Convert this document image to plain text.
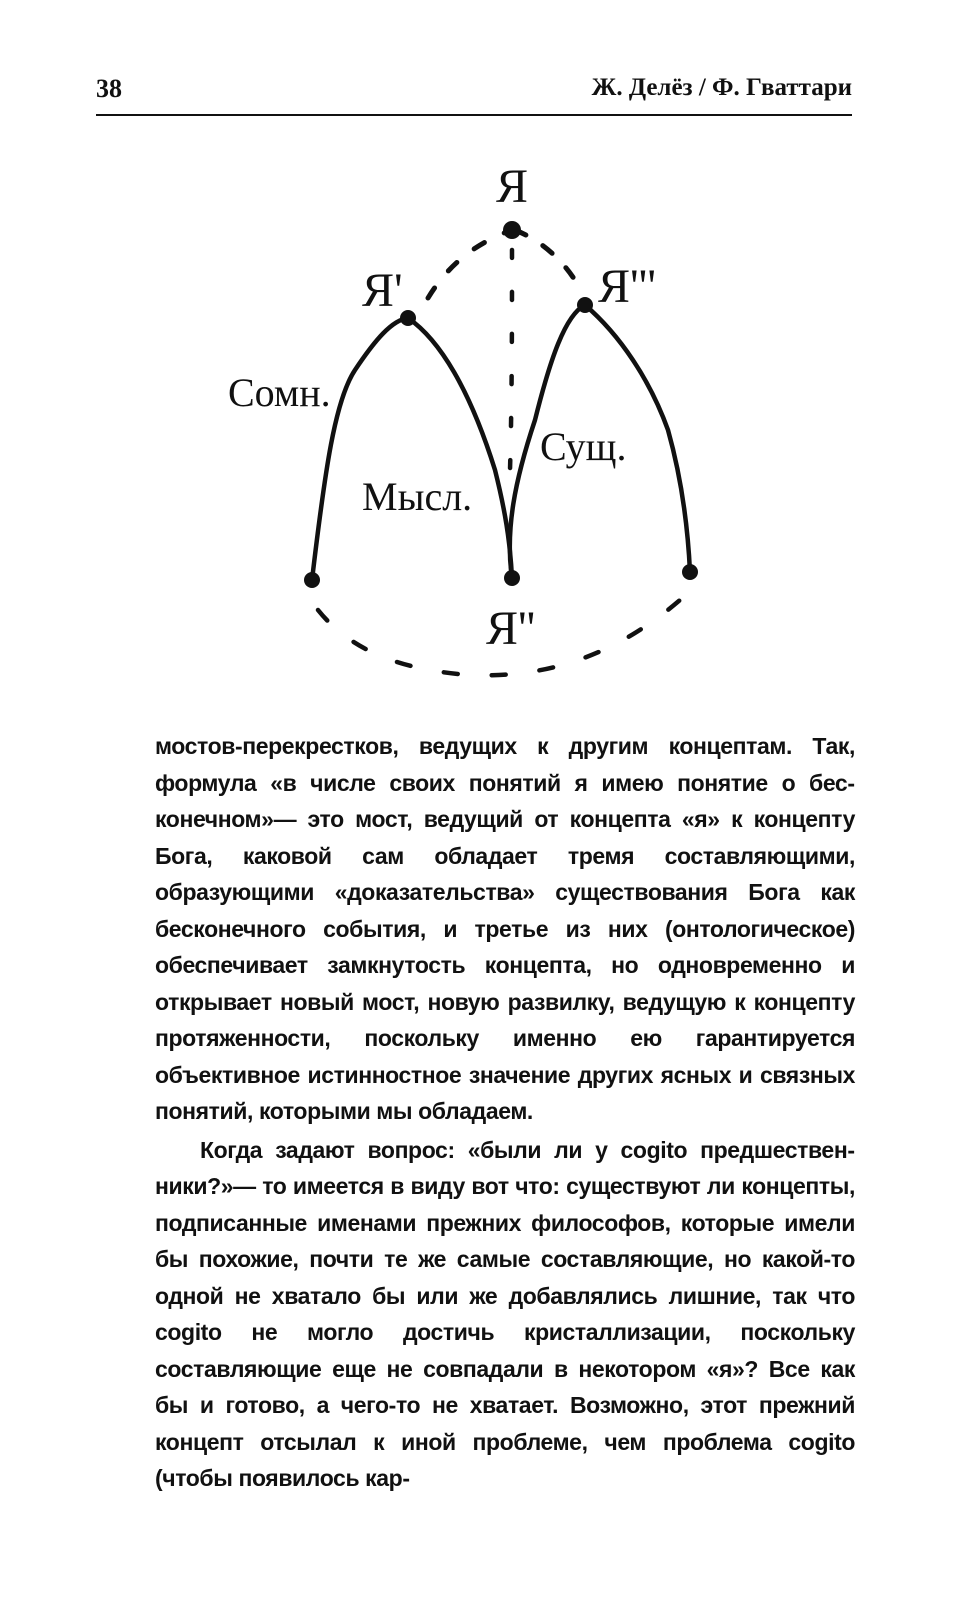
38	Ж. Делёз / Ф. Гваттари
Я
Я'	Я'''
Я''
Сомн.
Мысл.
Сущ.

мостов-перекрестков, ведущих к другим концептам. Так, формула «в числе своих понятий я имею понятие о бесконечном»— это мост, ведущий от концепта «я» к концепту Бога, каковой сам обладает тремя составляющими, образующими «доказательства» существования Бога как бесконечного события, и третье из них (онтологическое) обеспечивает замкнутость концепта, но одновременно и открывает новый мост, новую развилку, ведущую к концепту протяженности, поскольку именно ею гарантируется объективное истинностное значение других ясных и связных понятий, которыми мы обладаем.

Когда задают вопрос: «были ли у cogito предшественники?»— то имеется в виду вот что: существуют ли концепты, подписанные именами прежних философов, которые имели бы похожие, почти те же самые составляющие, но какой-то одной не хватало бы или же добавлялись лишние, так что cogito не могло достичь кристаллизации, поскольку составляющие еще не совпадали в некотором «я»? Все как бы и готово, а чего-то не хватает. Возможно, этот прежний концепт отсылал к иной проблеме, чем проблема cogito (чтобы появилось кар-
